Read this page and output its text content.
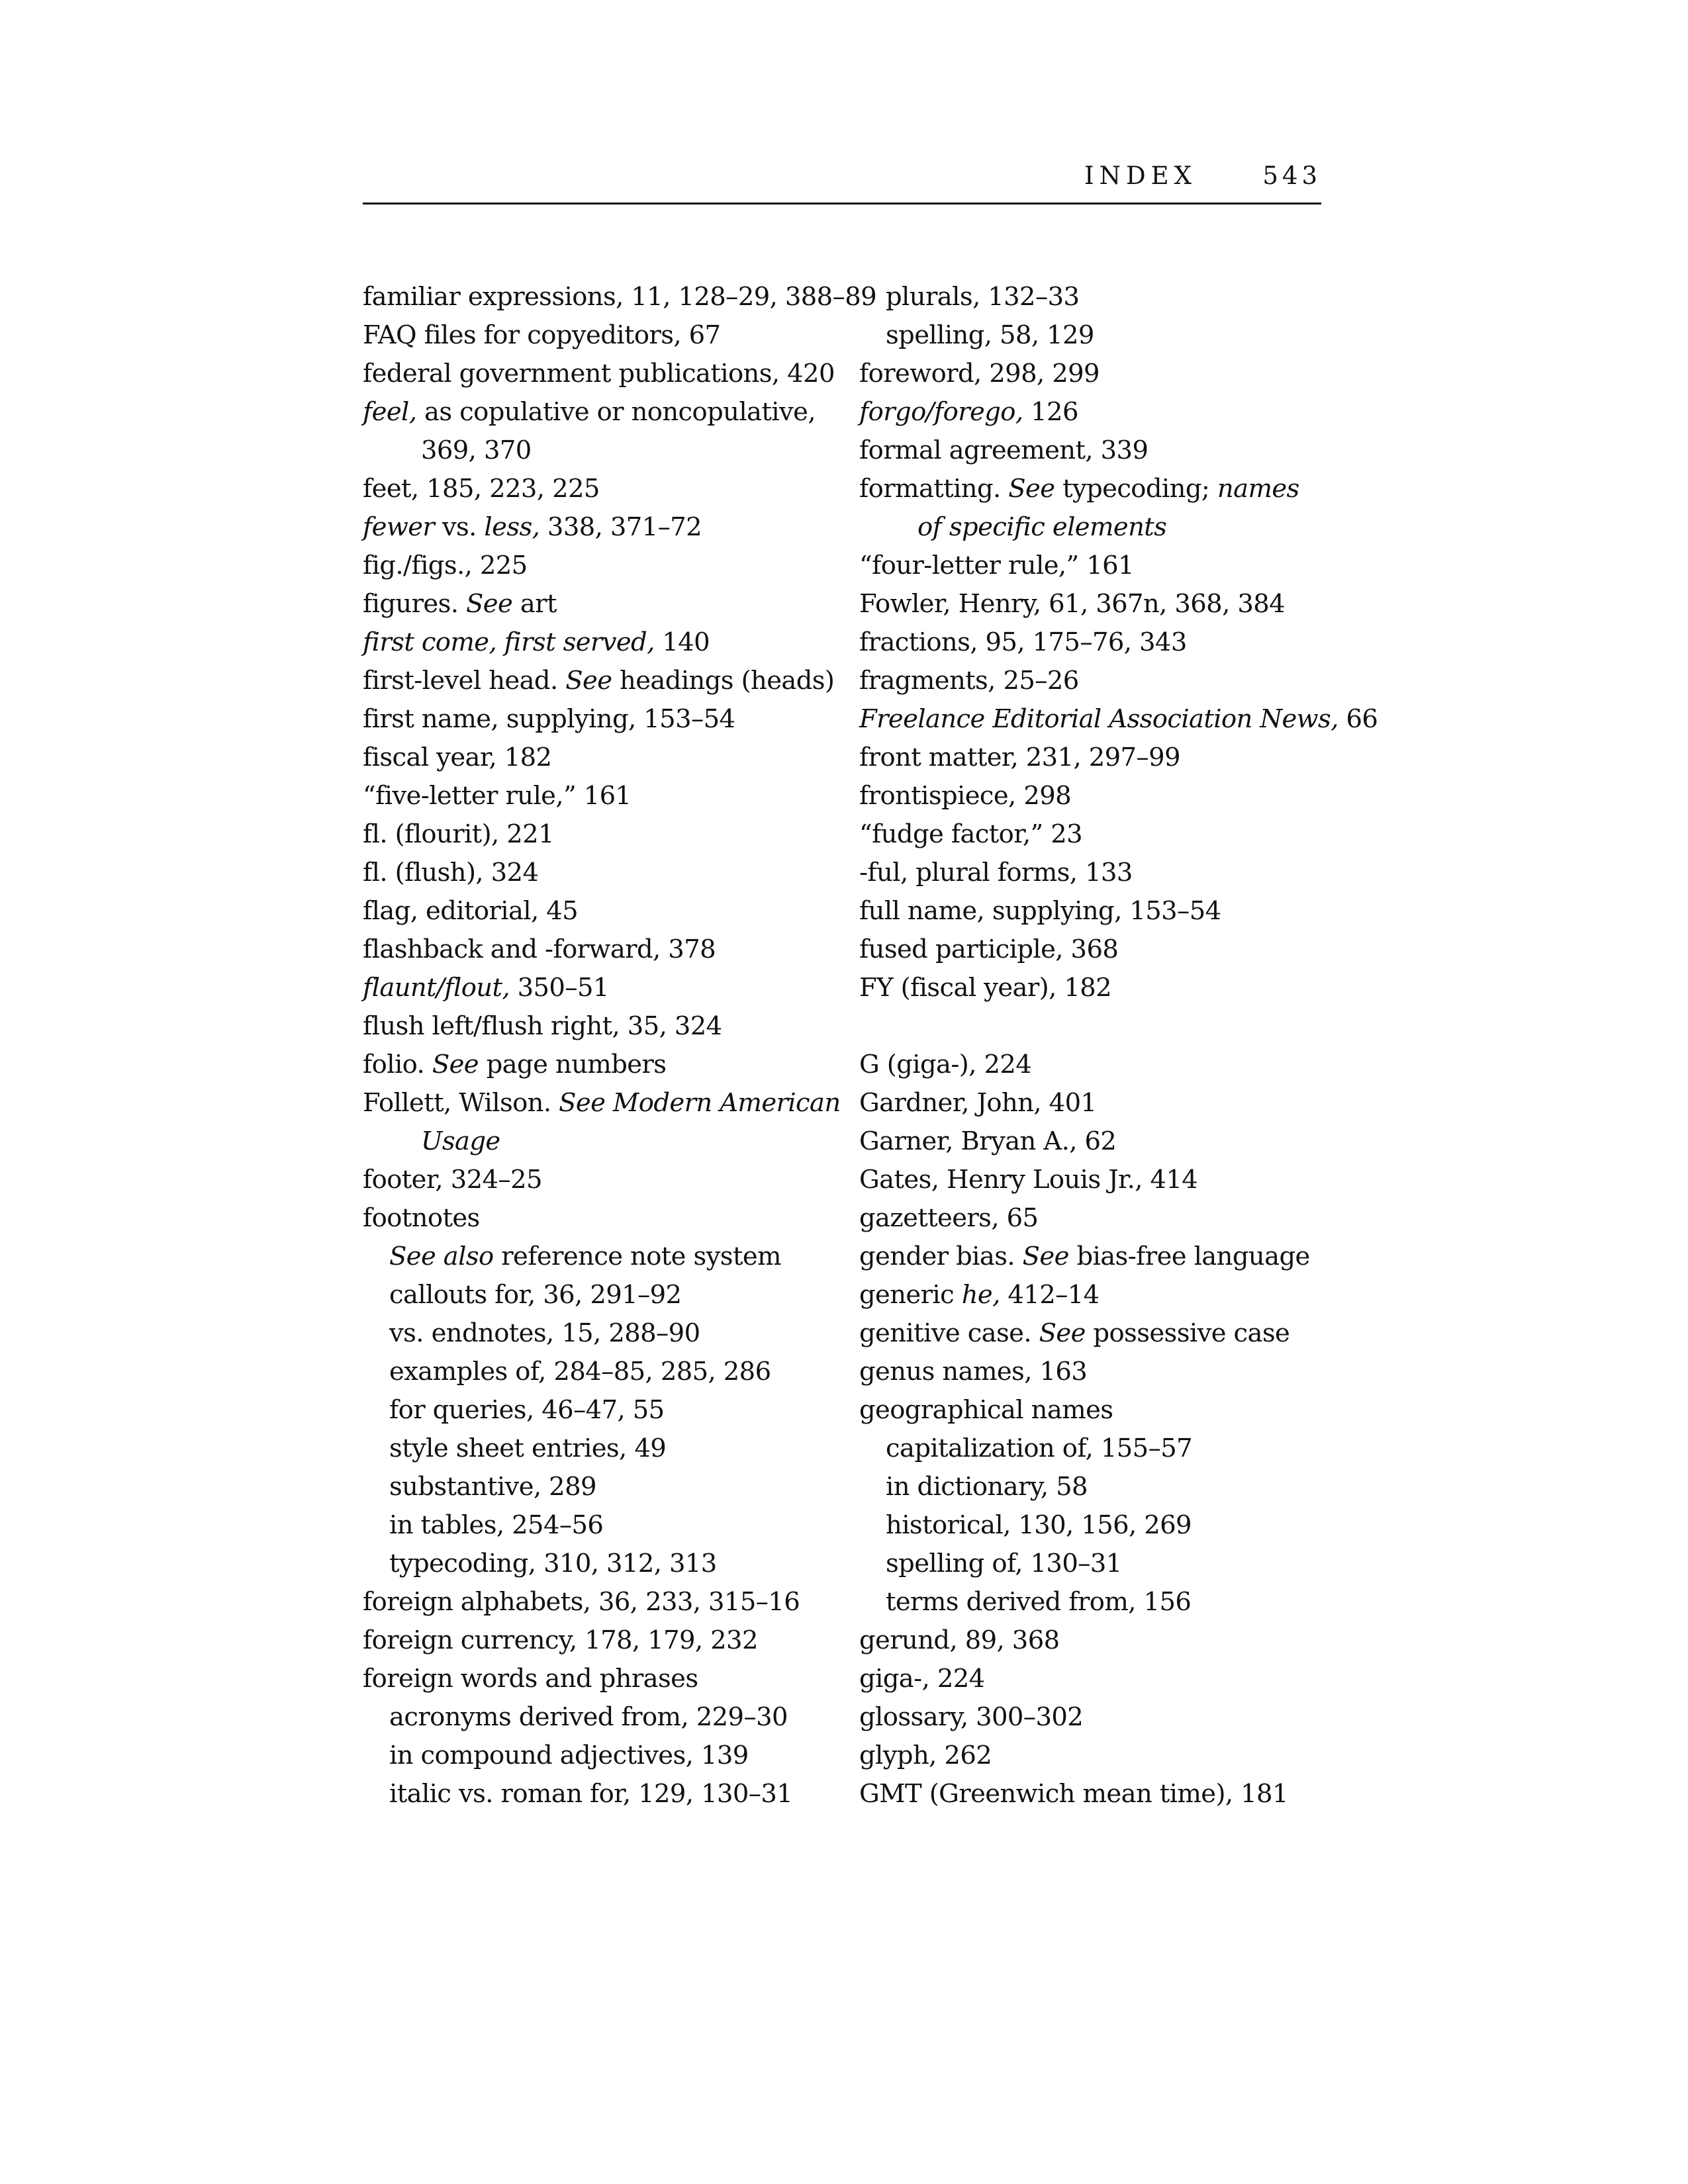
INDEX	543
familiar expressions, 11, 128–29, 388–89
FAQ files for copyeditors, 67
federal government publications, 420
feel, as copulative or noncopulative,
369, 370
feet, 185, 223, 225
fewer vs. less, 338, 371–72
fig./figs., 225
figures. See art
first come, first served, 140
first-level head. See headings (heads)
first name, supplying, 153–54
fiscal year, 182
“five-letter rule,” 161
fl. (flourit), 221
fl. (flush), 324
flag, editorial, 45
flashback and -forward, 378
flaunt/flout, 350–51
flush left/flush right, 35, 324
folio. See page numbers
Follett, Wilson. See Modern American
Usage
footer, 324–25
footnotes
See also reference note system
callouts for, 36, 291–92
vs. endnotes, 15, 288–90
examples of, 284–85, 285, 286
for queries, 46–47, 55
style sheet entries, 49
substantive, 289
in tables, 254–56
typecoding, 310, 312, 313
foreign alphabets, 36, 233, 315–16
foreign currency, 178, 179, 232
foreign words and phrases
acronyms derived from, 229–30
in compound adjectives, 139
italic vs. roman for, 129, 130–31
plurals, 132–33
spelling, 58, 129
foreword, 298, 299
forgo/forego, 126
formal agreement, 339
formatting. See typecoding; names
of specific elements
“four-letter rule,” 161
Fowler, Henry, 61, 367n, 368, 384
fractions, 95, 175–76, 343
fragments, 25–26
Freelance Editorial Association News, 66
front matter, 231, 297–99
frontispiece, 298
“fudge factor,” 23
-ful, plural forms, 133
full name, supplying, 153–54
fused participle, 368
FY (fiscal year), 182
G (giga-), 224
Gardner, John, 401
Garner, Bryan A., 62
Gates, Henry Louis Jr., 414
gazetteers, 65
gender bias. See bias-free language
generic he, 412–14
genitive case. See possessive case
genus names, 163
geographical names
capitalization of, 155–57
in dictionary, 58
historical, 130, 156, 269
spelling of, 130–31
terms derived from, 156
gerund, 89, 368
giga-, 224
glossary, 300–302
glyph, 262
GMT (Greenwich mean time), 181
